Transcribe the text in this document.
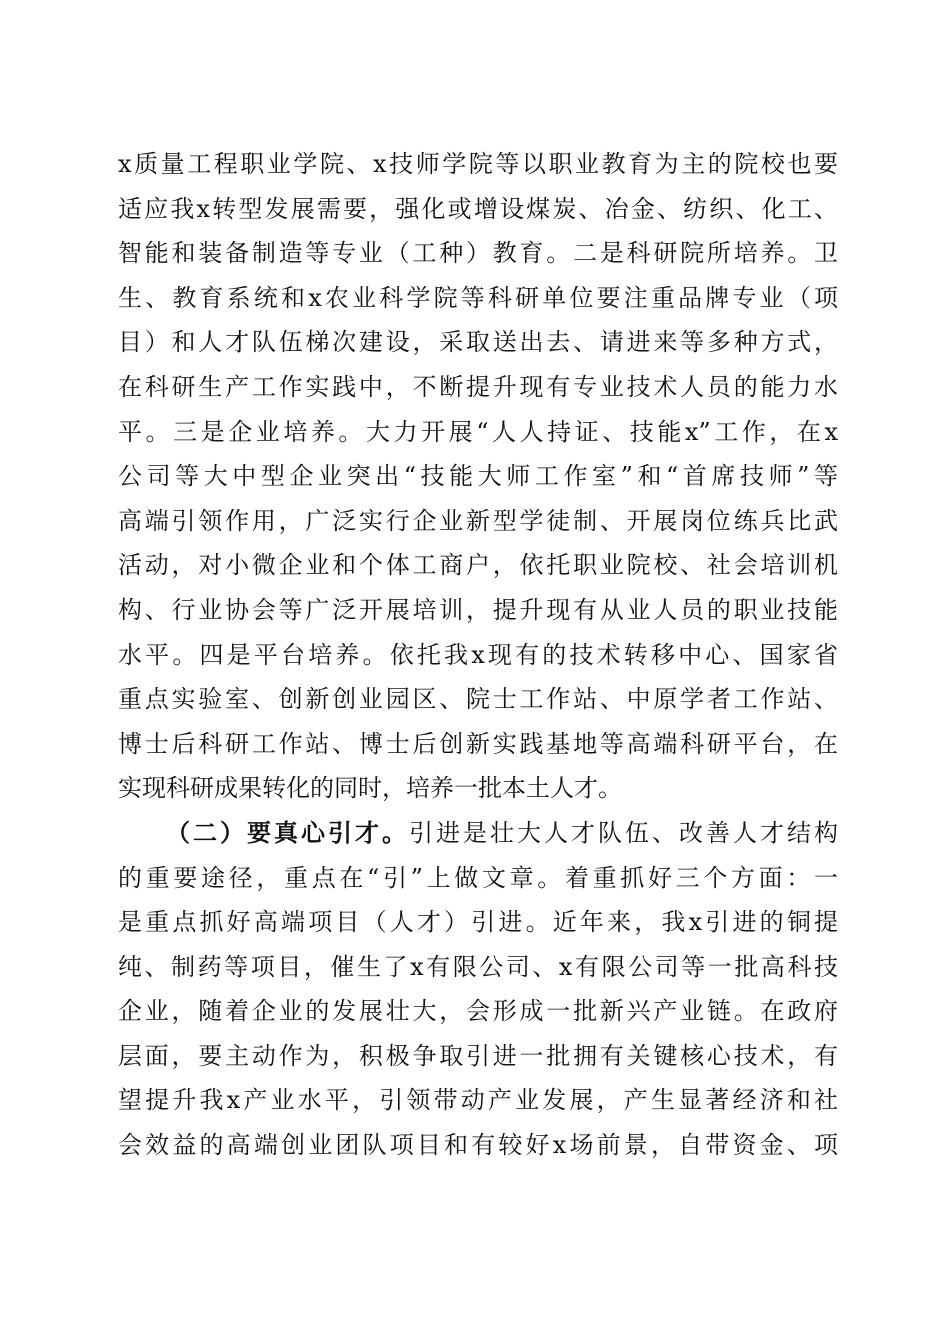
x质量工程职业学院、x技师学院等以职业教育为主的院校也要
适应我x转型发展需要，强化或增设煤炭、冶金、纺织、化工、
智能和装备制造等专业（工种）教育。二是科研院所培养。卫
生、教育系统和x农业科学院等科研单位要注重品牌专业（项
目）和人才队伍梯次建设，采取送出去、请进来等多种方式，
在科研生产工作实践中，不断提升现有专业技术人员的能力水
平。三是企业培养。大力开展“人人持证、技能x”工作，在x
公司等大中型企业突出“技能大师工作室”和“首席技师”等
高端引领作用，广泛实行企业新型学徒制、开展岗位练兵比武
活动，对小微企业和个体工商户，依托职业院校、社会培训机
构、行业协会等广泛开展培训，提升现有从业人员的职业技能
水平。四是平台培养。依托我x现有的技术转移中心、国家省
重点实验室、创新创业园区、院士工作站、中原学者工作站、
博士后科研工作站、博士后创新实践基地等高端科研平台，在
实现科研成果转化的同时，培养一批本土人才。
（二）要真心引才。引进是壮大人才队伍、改善人才结构
的重要途径，重点在“引”上做文章。着重抓好三个方面：一
是重点抓好高端项目（人才）引进。近年来，我x引进的铜提
纯、制药等项目，催生了x有限公司、x有限公司等一批高科技
企业，随着企业的发展壮大，会形成一批新兴产业链。在政府
层面，要主动作为，积极争取引进一批拥有关键核心技术，有
望提升我x产业水平，引领带动产业发展，产生显著经济和社
会效益的高端创业团队项目和有较好x场前景，自带资金、项
